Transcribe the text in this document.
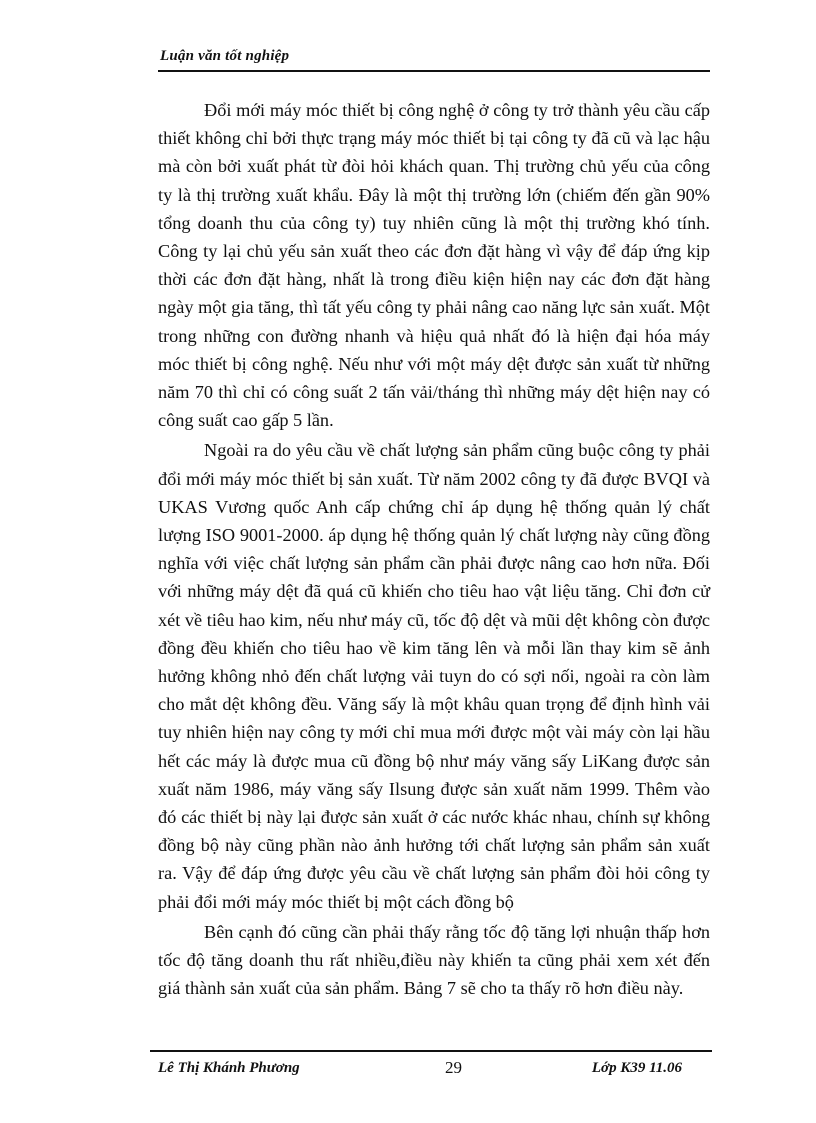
Luận văn tốt nghiệp

Đổi mới máy móc thiết bị công nghệ ở công ty trở thành yêu cầu cấp thiết không chỉ bởi thực trạng máy móc thiết bị tại công ty đã cũ và lạc hậu mà còn bởi xuất phát từ đòi hỏi khách quan. Thị trường chủ yếu của công ty là thị trường xuất khẩu. Đây là một thị trường lớn (chiếm đến gần 90% tổng doanh thu của công ty) tuy nhiên cũng là một thị trường khó tính. Công ty lại chủ yếu sản xuất theo các đơn đặt hàng vì vậy để đáp ứng kịp thời các đơn đặt hàng, nhất là trong điều kiện hiện nay các đơn đặt hàng ngày một gia tăng, thì tất yếu công ty phải nâng cao năng lực sản xuất. Một trong những con đường nhanh và hiệu quả nhất đó là hiện đại hóa máy móc thiết bị công nghệ. Nếu như với một máy dệt được sản xuất từ những năm 70 thì chỉ có công suất 2 tấn vải/tháng thì những máy dệt hiện nay có công suất cao gấp 5 lần.

Ngoài ra do yêu cầu về chất lượng sản phẩm cũng buộc công ty phải đổi mới máy móc thiết bị sản xuất. Từ năm 2002 công ty đã được BVQI và UKAS Vương quốc Anh cấp chứng chỉ áp dụng hệ thống quản lý chất lượng ISO 9001-2000. áp dụng hệ thống quản lý chất lượng này cũng đồng nghĩa với việc chất lượng sản phẩm cần phải được nâng cao hơn nữa. Đối với những máy dệt đã quá cũ khiến cho tiêu hao vật liệu tăng. Chỉ đơn cử xét về tiêu hao kim, nếu như máy cũ, tốc độ dệt và mũi dệt không còn được đồng đều khiến cho tiêu hao về kim tăng lên và mỗi lần thay kim sẽ ảnh hưởng không nhỏ đến chất lượng vải tuyn do có sợi nối, ngoài ra còn làm cho mắt dệt không đều. Văng sấy là một khâu quan trọng để định hình vải tuy nhiên hiện nay công ty mới chỉ mua mới được một vài máy còn lại hầu hết các máy là được mua cũ đồng bộ như máy văng sấy LiKang được sản xuất năm 1986, máy văng sấy Ilsung được sản xuất năm 1999. Thêm vào đó các thiết bị này lại được sản xuất ở các nước khác nhau, chính sự không đồng bộ này cũng phần nào ảnh hưởng tới chất lượng sản phẩm sản xuất ra. Vậy để đáp ứng được yêu cầu về chất lượng sản phẩm đòi hỏi công ty phải đổi mới máy móc thiết bị một cách đồng bộ

Bên cạnh đó cũng cần phải thấy rằng tốc độ tăng lợi nhuận thấp hơn tốc độ tăng doanh thu rất nhiều,điều này khiến ta cũng phải xem xét đến giá thành sản xuất của sản phẩm. Bảng 7 sẽ cho ta thấy rõ hơn điều này.

Lê Thị Khánh Phương	29	Lớp K39 11.06
